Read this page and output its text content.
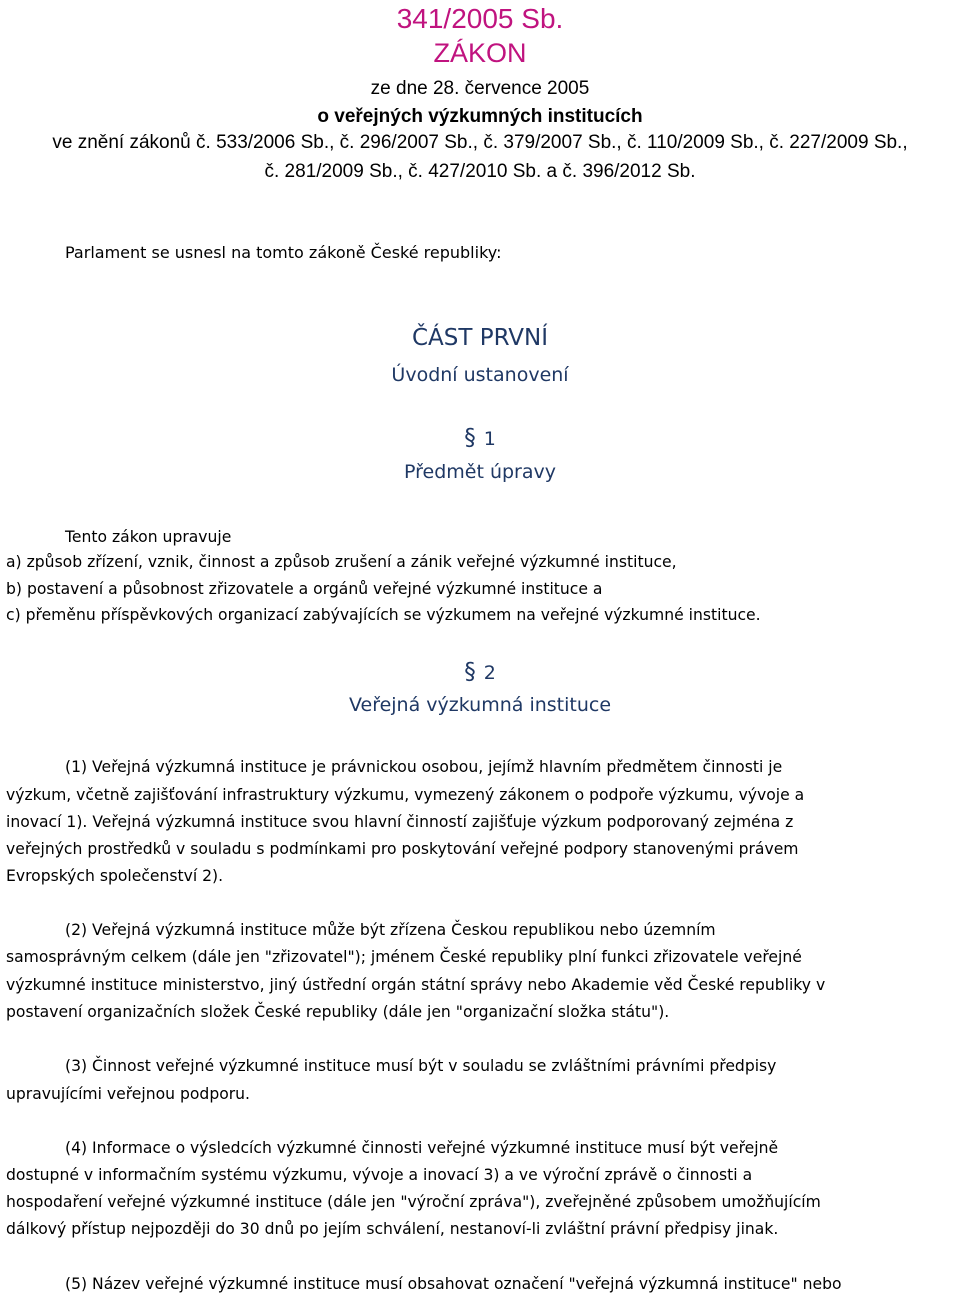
341/2005 Sb.
ZÁKON
ze dne 28. července 2005
o veřejných výzkumných institucích
ve znění zákonů č. 533/2006 Sb., č. 296/2007 Sb., č. 379/2007 Sb., č. 110/2009 Sb., č. 227/2009 Sb.,
č. 281/2009 Sb., č. 427/2010 Sb. a č. 396/2012 Sb.
Parlament se usnesl na tomto zákoně České republiky:
ČÁST PRVNÍ
Úvodní ustanovení
§ 1
Předmět úpravy
Tento zákon upravuje
a) způsob zřízení, vznik, činnost a způsob zrušení a zánik veřejné výzkumné instituce,
b) postavení a působnost zřizovatele a orgánů veřejné výzkumné instituce a
c) přeměnu příspěvkových organizací zabývajících se výzkumem na veřejné výzkumné instituce.
§ 2
Veřejná výzkumná instituce
(1) Veřejná výzkumná instituce je právnickou osobou, jejímž hlavním předmětem činnosti je
výzkum, včetně zajišťování infrastruktury výzkumu, vymezený zákonem o podpoře výzkumu, vývoje a
inovací 1). Veřejná výzkumná instituce svou hlavní činností zajišťuje výzkum podporovaný zejména z
veřejných prostředků v souladu s podmínkami pro poskytování veřejné podpory stanovenými právem
Evropských společenství 2).
(2) Veřejná výzkumná instituce může být zřízena Českou republikou nebo územním
samosprávným celkem (dále jen "zřizovatel"); jménem České republiky plní funkci zřizovatele veřejné
výzkumné instituce ministerstvo, jiný ústřední orgán státní správy nebo Akademie věd České republiky v
postavení organizačních složek České republiky (dále jen "organizační složka státu").
(3) Činnost veřejné výzkumné instituce musí být v souladu se zvláštními právními předpisy
upravujícími veřejnou podporu.
(4) Informace o výsledcích výzkumné činnosti veřejné výzkumné instituce musí být veřejně
dostupné v informačním systému výzkumu, vývoje a inovací 3) a ve výroční zprávě o činnosti a
hospodaření veřejné výzkumné instituce (dále jen "výroční zpráva"), zveřejněné způsobem umožňujícím
dálkový přístup nejpozději do 30 dnů po jejím schválení, nestanoví-li zvláštní právní předpisy jinak.
(5) Název veřejné výzkumné instituce musí obsahovat označení "veřejná výzkumná instituce" nebo
